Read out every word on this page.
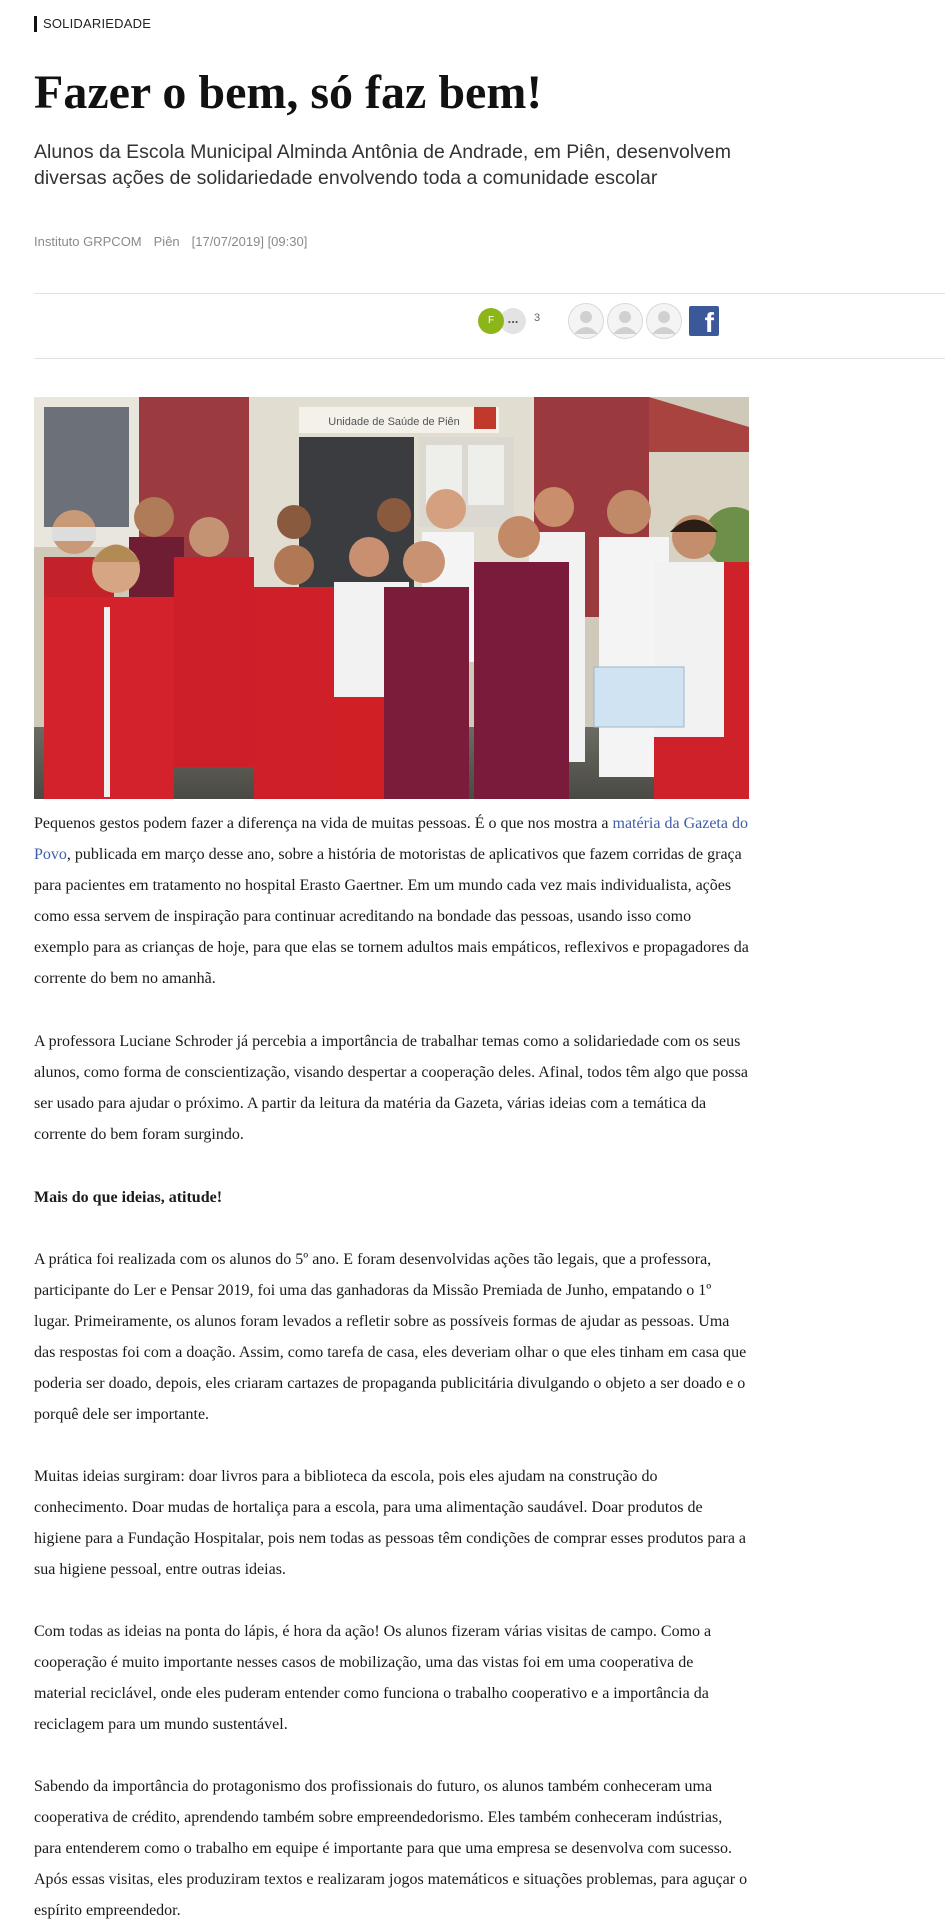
SOLIDARIEDADE
Fazer o bem, só faz bem!

Alunos da Escola Municipal Alminda Antônia de Andrade, em Piên, desenvolvem diversas ações de solidariedade envolvendo toda a comunidade escolar

Instituto GRPCOM Piên [17/07/2019] [09:30]
F	...	3	f
Unidade de Saúde de Piên

Pequenos gestos podem fazer a diferença na vida de muitas pessoas. É o que nos mostra a matéria da Gazeta do Povo, publicada em março desse ano, sobre a história de motoristas de aplicativos que fazem corridas de graça para pacientes em tratamento no hospital Erasto Gaertner. Em um mundo cada vez mais individualista, ações como essa servem de inspiração para continuar acreditando na bondade das pessoas, usando isso como exemplo para as crianças de hoje, para que elas se tornem adultos mais empáticos, reflexivos e propagadores da corrente do bem no amanhã.

A professora Luciane Schroder já percebia a importância de trabalhar temas como a solidariedade com os seus alunos, como forma de conscientização, visando despertar a cooperação deles. Afinal, todos têm algo que possa ser usado para ajudar o próximo. A partir da leitura da matéria da Gazeta, várias ideias com a temática da corrente do bem foram surgindo.

Mais do que ideias, atitude!

A prática foi realizada com os alunos do 5º ano. E foram desenvolvidas ações tão legais, que a professora, participante do Ler e Pensar 2019, foi uma das ganhadoras da Missão Premiada de Junho, empatando o 1º lugar. Primeiramente, os alunos foram levados a refletir sobre as possíveis formas de ajudar as pessoas. Uma das respostas foi com a doação. Assim, como tarefa de casa, eles deveriam olhar o que eles tinham em casa que poderia ser doado, depois, eles criaram cartazes de propaganda publicitária divulgando o objeto a ser doado e o porquê dele ser importante.

Muitas ideias surgiram: doar livros para a biblioteca da escola, pois eles ajudam na construção do conhecimento. Doar mudas de hortaliça para a escola, para uma alimentação saudável. Doar produtos de higiene para a Fundação Hospitalar, pois nem todas as pessoas têm condições de comprar esses produtos para a sua higiene pessoal, entre outras ideias.

Com todas as ideias na ponta do lápis, é hora da ação! Os alunos fizeram várias visitas de campo. Como a cooperação é muito importante nesses casos de mobilização, uma das vistas foi em uma cooperativa de material reciclável, onde eles puderam entender como funciona o trabalho cooperativo e a importância da reciclagem para um mundo sustentável.

Sabendo da importância do protagonismo dos profissionais do futuro, os alunos também conheceram uma cooperativa de crédito, aprendendo também sobre empreendedorismo. Eles também conheceram indústrias, para entenderem como o trabalho em equipe é importante para que uma empresa se desenvolva com sucesso. Após essas visitas, eles produziram textos e realizaram jogos matemáticos e situações problemas, para aguçar o espírito empreendedor.
